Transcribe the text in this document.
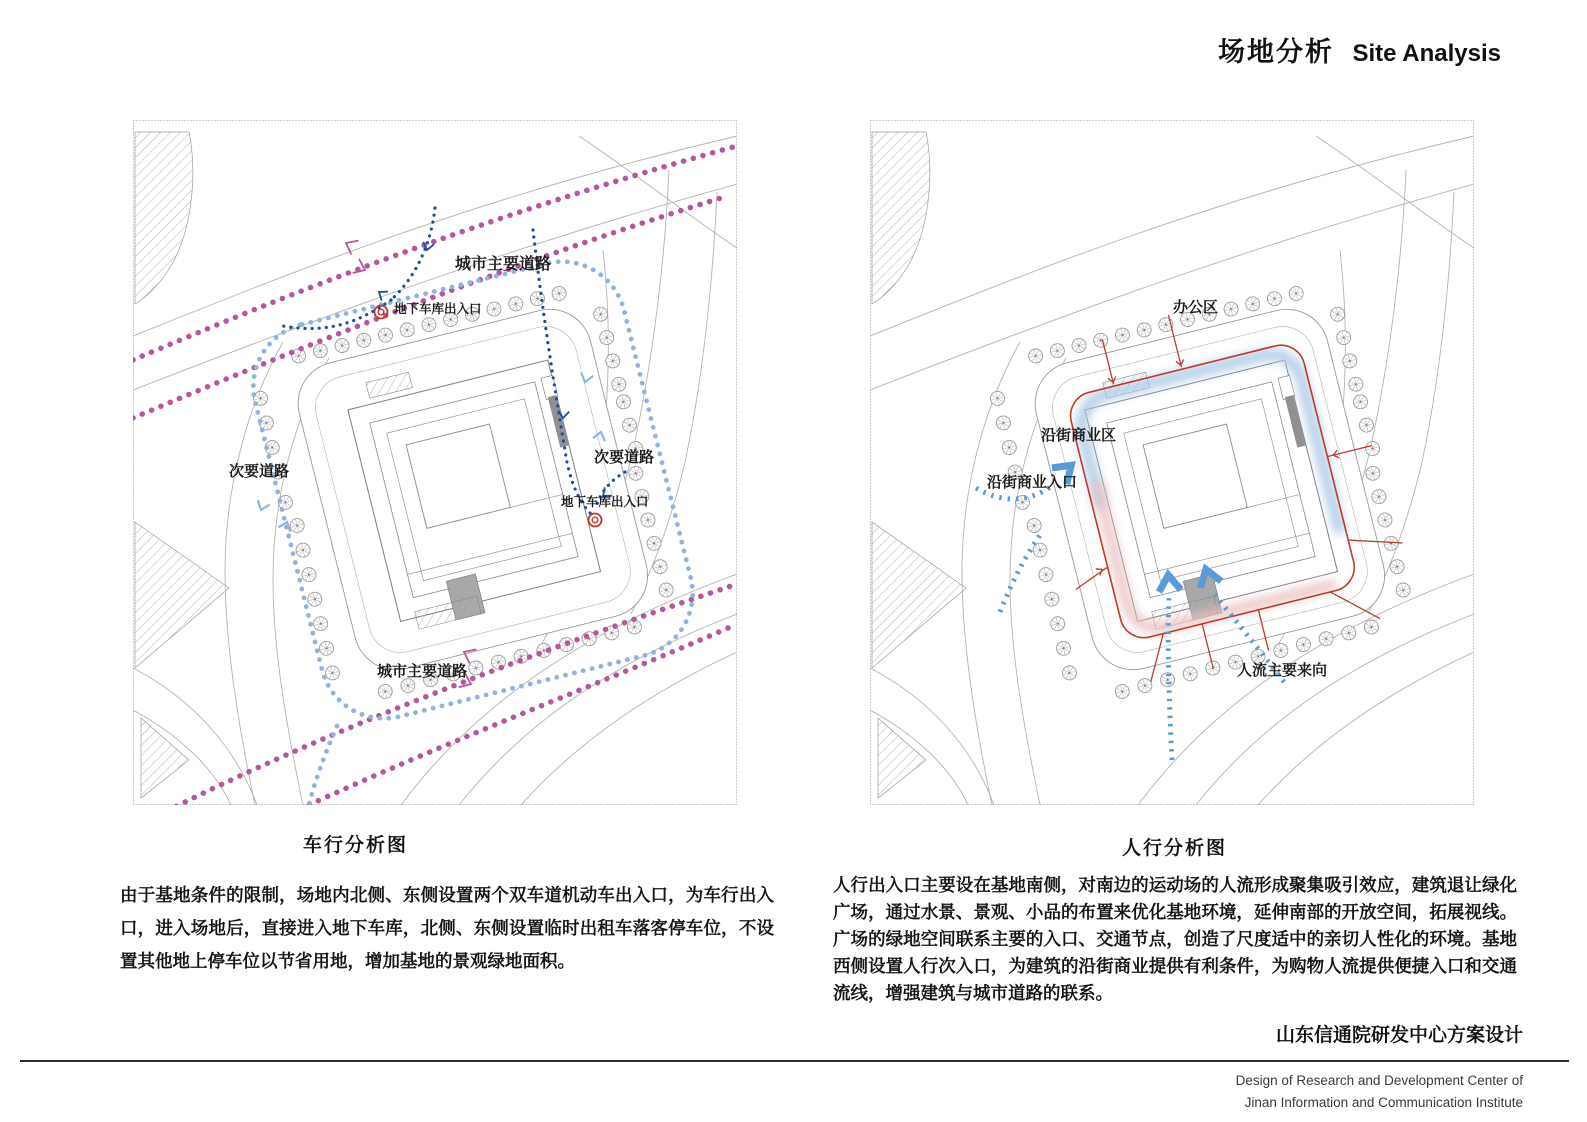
场地分析 Site Analysis
城市主要道路
地下车库出入口
次要道路
次要道路
地下车库出入口
城市主要道路
车行分析图
办公区
沿街商业区
沿街商业入口
人流主要来向
人行分析图

由于基地条件的限制，场地内北侧、东侧设置两个双车道机动车出入口，为车行出入口，进入场地后，直接进入地下车库，北侧、东侧设置临时出租车落客停车位，不设置其他地上停车位以节省用地，增加基地的景观绿地面积。

人行出入口主要设在基地南侧，对南边的运动场的人流形成聚集吸引效应，建筑退让绿化广场，通过水景、景观、小品的布置来优化基地环境，延伸南部的开放空间，拓展视线。广场的绿地空间联系主要的入口、交通节点，创造了尺度适中的亲切人性化的环境。基地西侧设置人行次入口，为建筑的沿街商业提供有利条件，为购物人流提供便捷入口和交通流线，增强建筑与城市道路的联系。

山东信通院研发中心方案设计
Design of Research and Development Center of
Jinan Information and Communication Institute
